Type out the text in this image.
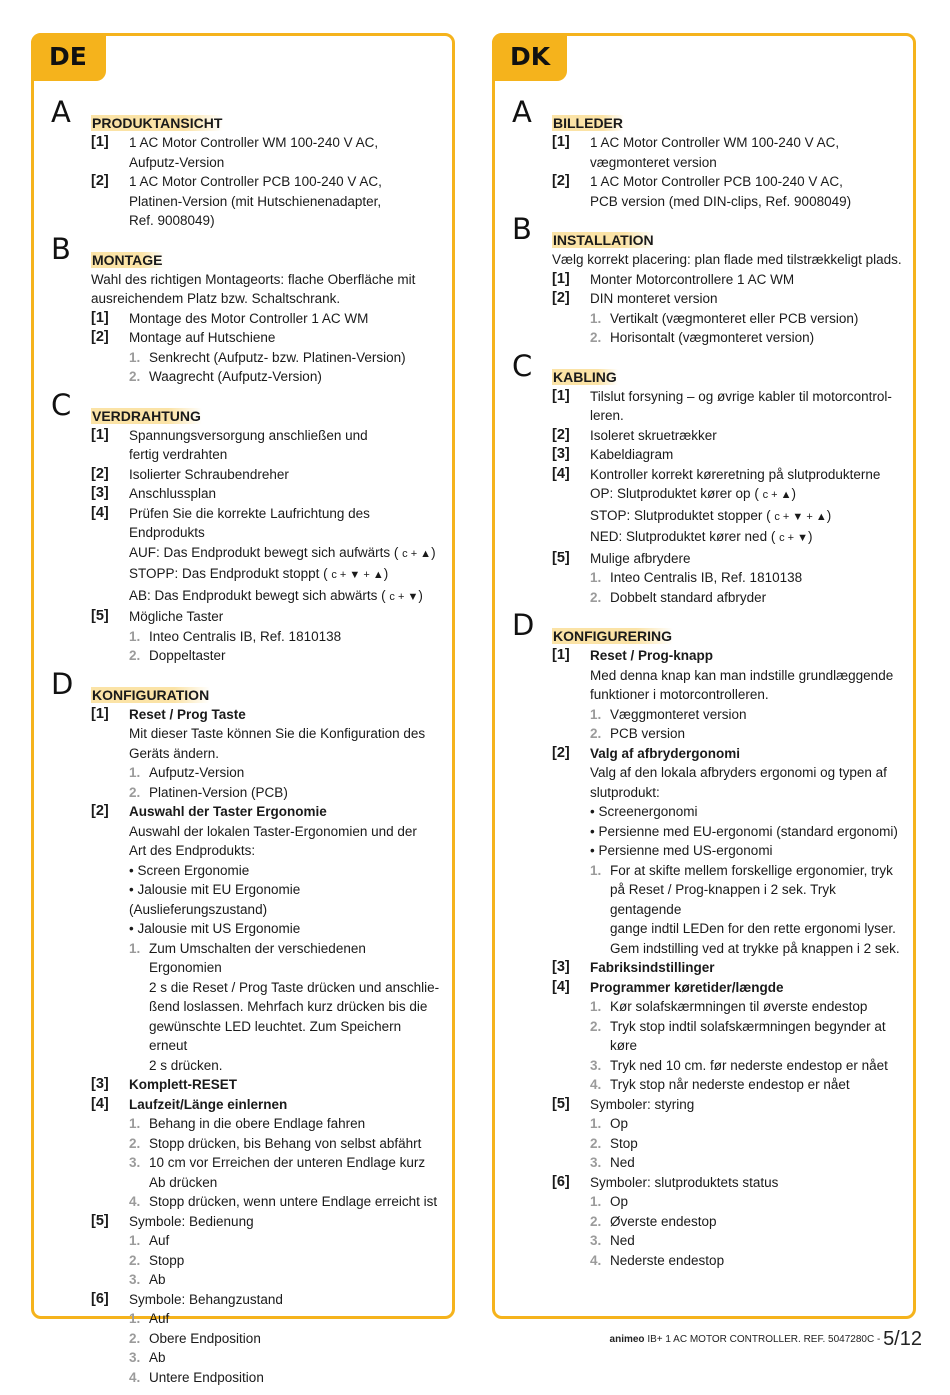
DE
A PRODUKTANSICHT
[1] 1 AC Motor Controller WM 100-240 V AC,
Aufputz-Version
[2] 1 AC Motor Controller PCB 100-240 V AC,
Platinen-Version (mit Hutschienenadapter,
Ref. 9008049)
B MONTAGE
Wahl des richtigen Montageorts: flache Oberfläche mit
ausreichendem Platz bzw. Schaltschrank.
[1] Montage des Motor Controller 1 AC WM
[2] Montage auf Hutschiene
1. Senkrecht (Aufputz- bzw. Platinen-Version)
2. Waagrecht (Aufputz-Version)
C VERDRAHTUNG
[1] Spannungsversorgung anschließen und
fertig verdrahten
[2] Isolierter Schraubendreher
[3] Anschlussplan
[4] Prüfen Sie die korrekte Laufrichtung des Endprodukts
AUF: Das Endprodukt bewegt sich aufwärts ( c + ▲)
STOPP: Das Endprodukt stoppt ( c + ▼ + ▲)
AB: Das Endprodukt bewegt sich abwärts ( c + ▼)
[5] Mögliche Taster
1. Inteo Centralis IB, Ref. 1810138
2. Doppeltaster
D KONFIGURATION
[1] Reset / Prog Taste
Mit dieser Taste können Sie die Konfiguration des
Geräts ändern.
1. Aufputz-Version
2. Platinen-Version (PCB)
[2] Auswahl der Taster Ergonomie
Auswahl der lokalen Taster-Ergonomien und der
Art des Endprodukts:
• Screen Ergonomie
• Jalousie mit EU Ergonomie (Auslieferungszustand)
• Jalousie mit US Ergonomie
1. Zum Umschalten der verschiedenen Ergonomien
2 s die Reset / Prog Taste drücken und anschlie-
ßend loslassen. Mehrfach kurz drücken bis die
gewünschte LED leuchtet. Zum Speichern erneut
2 s drücken.
[3] Komplett-RESET
[4] Laufzeit/Länge einlernen
1. Behang in die obere Endlage fahren
2. Stopp drücken, bis Behang von selbst abfährt
3. 10 cm vor Erreichen der unteren Endlage kurz
Ab drücken
4. Stopp drücken, wenn untere Endlage erreicht ist
[5] Symbole: Bedienung
1. Auf
2. Stopp
3. Ab
[6] Symbole: Behangzustand
1. Auf
2. Obere Endposition
3. Ab
4. Untere Endposition
DK
A BILLEDER
[1] 1 AC Motor Controller WM 100-240 V AC,
vægmonteret version
[2] 1 AC Motor Controller PCB 100-240 V AC,
PCB version (med DIN-clips, Ref. 9008049)
B INSTALLATION
Vælg korrekt placering: plan flade med tilstrækkeligt plads.
[1] Monter Motorcontrollere 1 AC WM
[2] DIN monteret version
1. Vertikalt (vægmonteret eller PCB version)
2. Horisontalt (vægmonteret version)
C KABLING
[1] Tilslut forsyning – og øvrige kabler til motorcontrol-
leren.
[2] Isoleret skruetrækker
[3] Kabeldiagram
[4] Kontroller korrekt køreretning på slutprodukterne
OP: Slutproduktet kører op ( c + ▲)
STOP: Slutproduktet stopper ( c + ▼ + ▲)
NED: Slutproduktet kører ned ( c + ▼)
[5] Mulige afbrydere
1. Inteo Centralis IB, Ref. 1810138
2. Dobbelt standard afbryder
D KONFIGURERING
[1] Reset / Prog-knapp
Med denna knap kan man indstille grundlæggende
funktioner i motorcontrolleren.
1. Væggmonteret version
2. PCB version
[2] Valg af afbrydergonomi
Valg af den lokala afbryders ergonomi og typen af
slutprodukt:
• Screenergonomi
• Persienne med EU-ergonomi (standard ergonomi)
• Persienne med US-ergonomi
1. For at skifte mellem forskellige ergonomier, tryk
på Reset / Prog-knappen i 2 sek. Tryk gentagende
gange indtil LEDen for den rette ergonomi lyser.
Gem indstilling ved at trykke på knappen i 2 sek.
[3] Fabriksindstillinger
[4] Programmer køretider/længde
1. Kør solafskærmningen til øverste endestop
2. Tryk stop indtil solafskærmningen begynder at
køre
3. Tryk ned 10 cm. før nederste endestop er nået
4. Tryk stop når nederste endestop er nået
[5] Symboler: styring
1. Op
2. Stop
3. Ned
[6] Symboler: slutproduktets status
1. Op
2. Øverste endestop
3. Ned
4. Nederste endestop
animeo IB+ 1 AC MOTOR CONTROLLER. REF. 5047280C - 5/12
